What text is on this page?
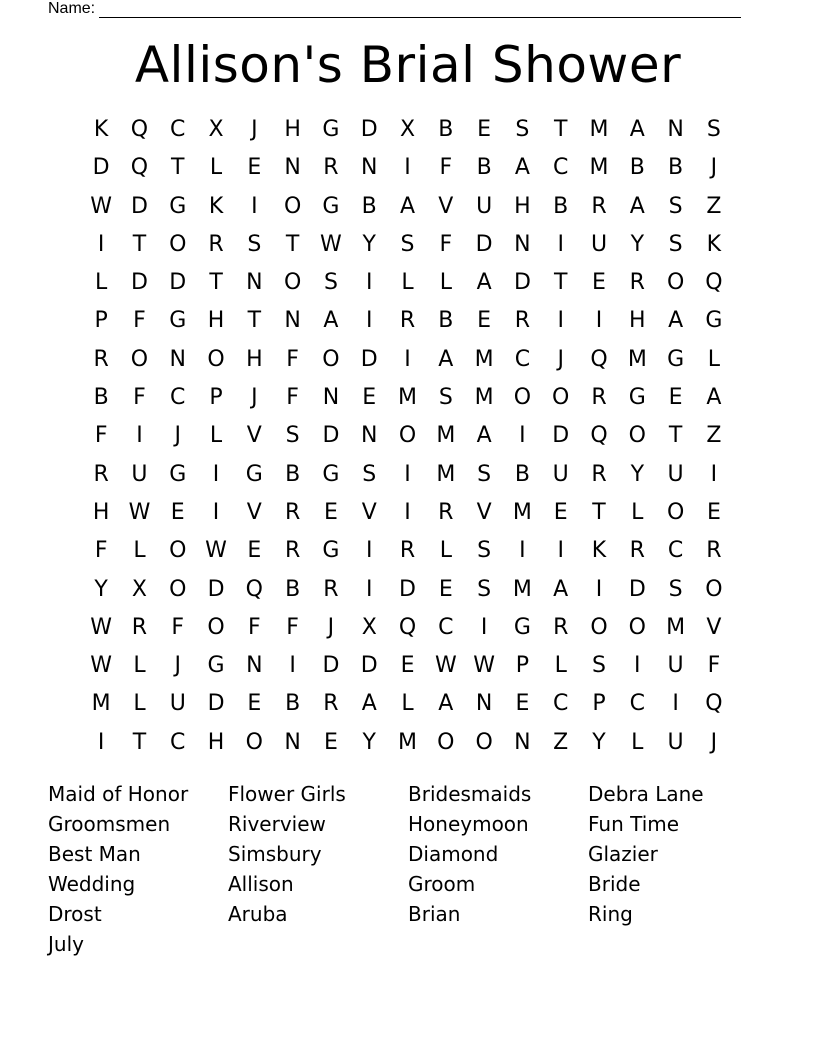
Name:
Allison's Brial Shower
K	Q C	X	J	H G D	X	B	E	S	T	M A	N	S
D Q	T	L	E	N	R	N	I	F	B	A	C M B	B	J
W D G	K	I	O G	B	A	V	U H	B	R	A	S	Z
I	T	O R	S	T W Y	S	F	D N	I	U	Y	S	K
L	D D	T	N O	S	I	L	L	A	D	T	E	R O Q
P	F	G H	T	N	A	I	R	B	E	R	I	I	H	A	G
R O N O H	F	O D	I	A M C	J	Q M G	L
B	F	C	P	J	F	N	E M S M O O R	G	E	A
F	I	J	L	V	S	D N O M A	I	D Q O	T	Z
R	U G	I	G	B	G	S	I	M S	B	U	R	Y	U	I
H W E	I	V	R	E	V	I	R	V M E	T	L	O	E
F	L	O W E	R	G	I	R	L	S	I	I	K	R	C	R
Y	X	O D Q	B	R	I	D	E	S M A	I	D	S	O
W R	F	O	F	F	J	X	Q C	I	G	R O O M V
W L	J	G N	I	D D	E W W P	L	S	I	U	F
M	L	U D	E	B	R	A	L	A	N	E	C	P	C	I	Q
I	T	C	H O N	E	Y	M O O N	Z	Y	L	U	J
Maid of Honor	Flower Girls	Bridesmaids	Debra Lane
Groomsmen	Riverview	Honeymoon	Fun Time
Best Man	Simsbury	Diamond	Glazier
Wedding	Allison	Groom	Bride
Drost	Aruba	Brian	Ring
July
